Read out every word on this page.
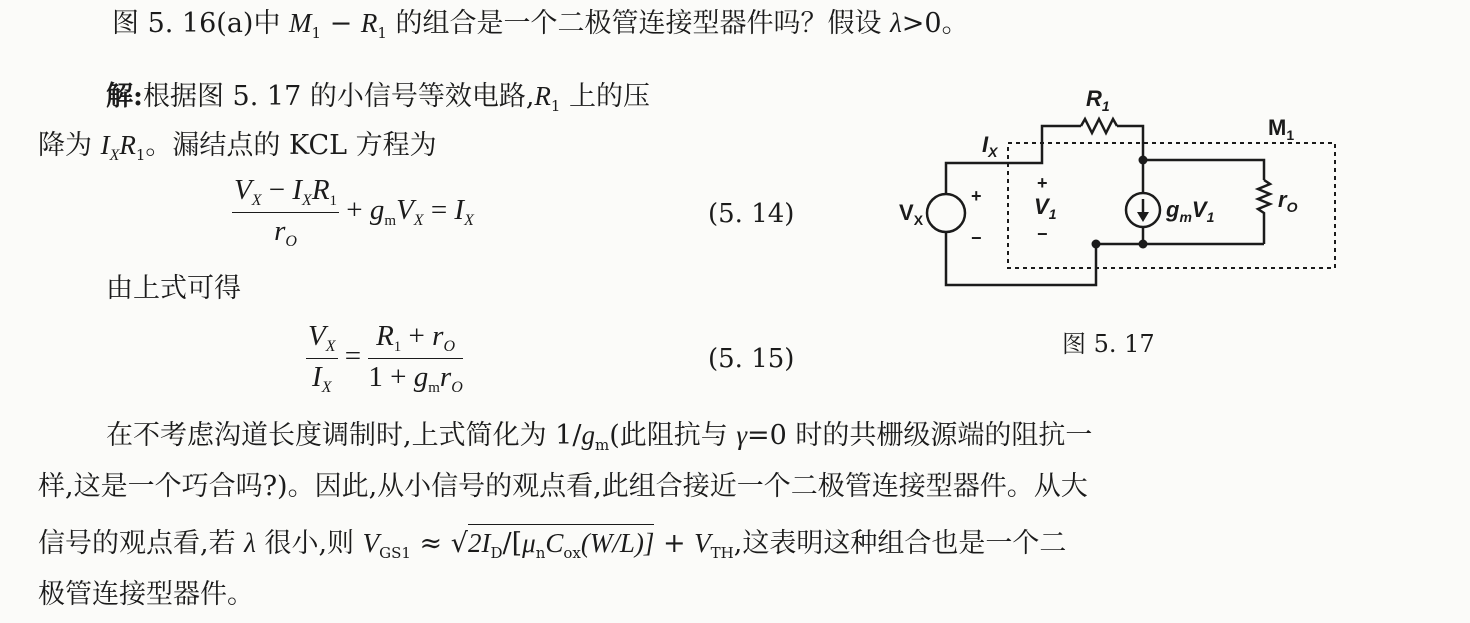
图 5. 16(a)中 $M_1 - R_1$ 的组合是一个二极管连接型器件吗？假设 λ>0。
解:根据图 5. 17 的小信号等效电路$,R_1$ 上的压
降为 $I_XR_1$。漏结点的 KCL 方程为
$\frac{V_X - I_XR_1}{r_O} + g_mV_X = I_X$	(5. 14)
由上式可得
$\frac{V_X}{I_X} = \frac{R_1 + r_O}{1 + g_mr_O}$	(5. 15)
在不考虑沟道长度调制时,上式简化为 $1/g_m$(此阻抗与 γ=0 时的共栅级源端的阻抗一
样,这是一个巧合吗?)。因此,从小信号的观点看,此组合接近一个二极管连接型器件。从大
信号的观点看,若 λ 很小,则 $V_{GS1} \approx √2I_D/[\mu_nC_{ox}(W/L)] + V_{TH}$,这表明这种组合也是一个二
极管连接型器件。
$R_1$
$I_X$
$M_1$
$V_X$
+
−
+
$V_1$
−
$g_mV_1$
$r_O$
图 5. 17
